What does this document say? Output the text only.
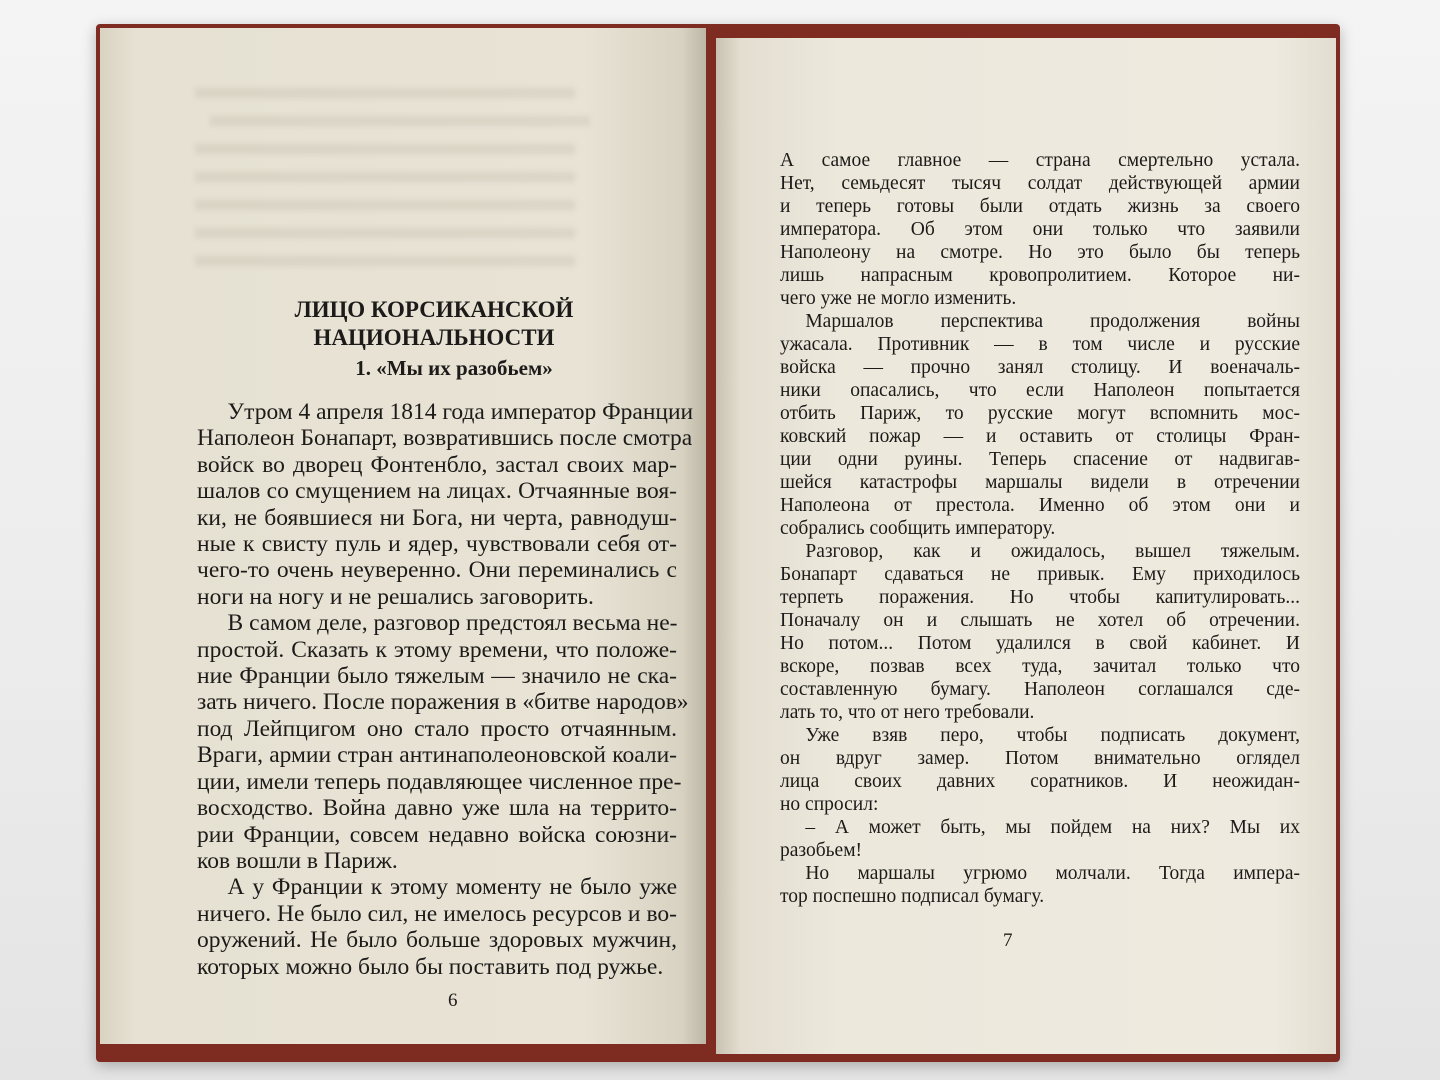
ЛИЦО КОРСИКАНСКОЙ НАЦИОНАЛЬНОСТИ
1. «Мы их разобьем»
Утром 4 апреля 1814 года император Франции
Наполеон Бонапарт, возвратившись после смотра
войск во дворец Фонтенбло, застал своих мар-
шалов со смущением на лицах. Отчаянные воя-
ки, не боявшиеся ни Бога, ни черта, равнодуш-
ные к свисту пуль и ядер, чувствовали себя от-
чего-то очень неуверенно. Они переминались с
ноги на ногу и не решались заговорить.
В самом деле, разговор предстоял весьма не-
простой. Сказать к этому времени, что положе-
ние Франции было тяжелым — значило не ска-
зать ничего. После поражения в «битве народов»
под Лейпцигом оно стало просто отчаянным.
Враги, армии стран антинаполеоновской коали-
ции, имели теперь подавляющее численное пре-
восходство. Война давно уже шла на террито-
рии Франции, совсем недавно войска союзни-
ков вошли в Париж.
А у Франции к этому моменту не было уже
ничего. Не было сил, не имелось ресурсов и во-
оружений. Не было больше здоровых мужчин,
которых можно было бы поставить под ружье.
6
А самое главное — страна смертельно устала.
Нет, семьдесят тысяч солдат действующей армии
и теперь готовы были отдать жизнь за своего
императора. Об этом они только что заявили
Наполеону на смотре. Но это было бы теперь
лишь напрасным кровопролитием. Которое ни-
чего уже не могло изменить.
Маршалов перспектива продолжения войны
ужасала. Противник — в том числе и русские
войска — прочно занял столицу. И военачаль-
ники опасались, что если Наполеон попытается
отбить Париж, то русские могут вспомнить мос-
ковский пожар — и оставить от столицы Фран-
ции одни руины. Теперь спасение от надвигав-
шейся катастрофы маршалы видели в отречении
Наполеона от престола. Именно об этом они и
собрались сообщить императору.
Разговор, как и ожидалось, вышел тяжелым.
Бонапарт сдаваться не привык. Ему приходилось
терпеть поражения. Но чтобы капитулировать...
Поначалу он и слышать не хотел об отречении.
Но потом... Потом удалился в свой кабинет. И
вскоре, позвав всех туда, зачитал только что
составленную бумагу. Наполеон соглашался сде-
лать то, что от него требовали.
Уже взяв перо, чтобы подписать документ,
он вдруг замер. Потом внимательно оглядел
лица своих давних соратников. И неожидан-
но спросил:
– А может быть, мы пойдем на них? Мы их
разобьем!
Но маршалы угрюмо молчали. Тогда импера-
тор поспешно подписал бумагу.
7
